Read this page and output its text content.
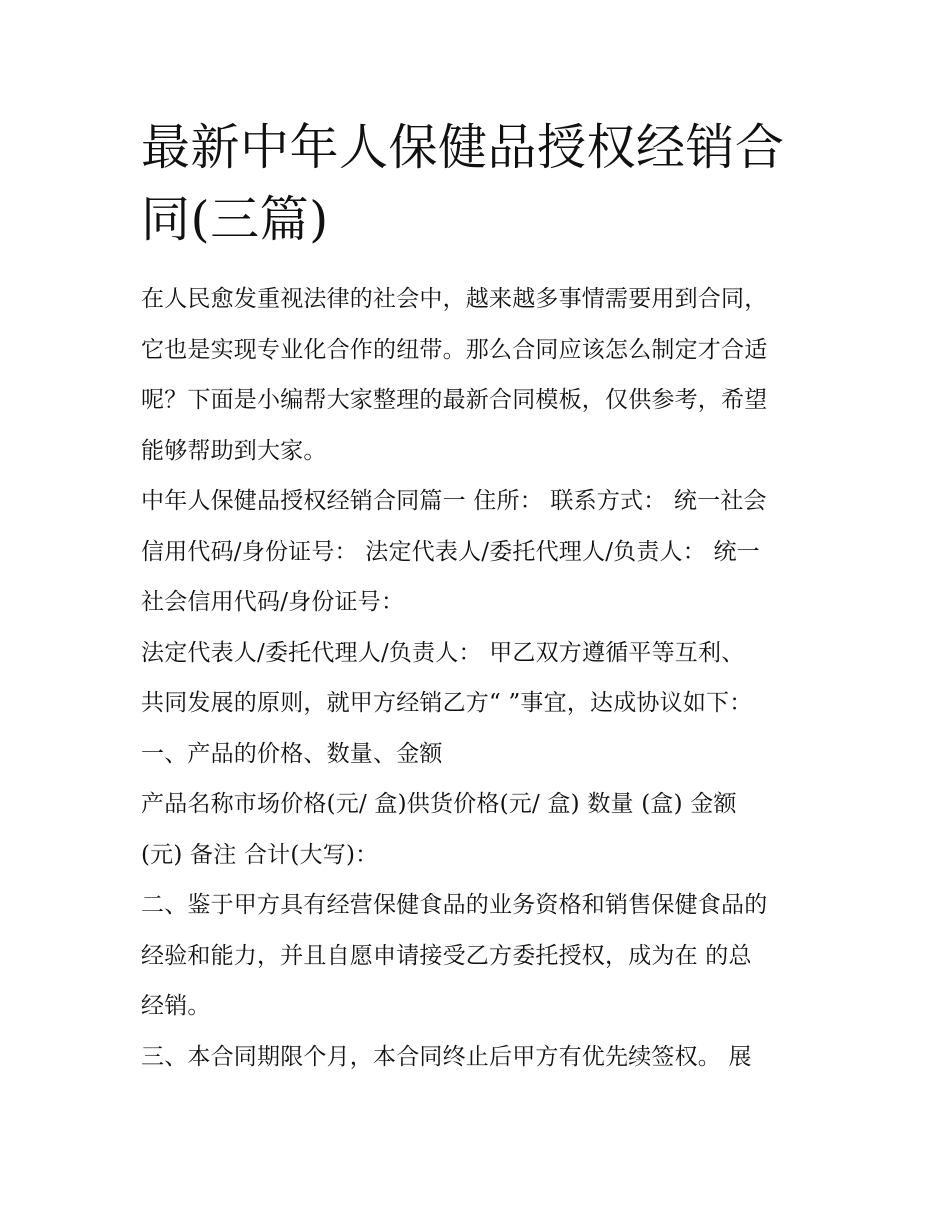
最新中年人保健品授权经销合
同(三篇)
在人民愈发重视法律的社会中，越来越多事情需要用到合同，
它也是实现专业化合作的纽带。那么合同应该怎么制定才合适
呢？下面是小编帮大家整理的最新合同模板，仅供参考，希望
能够帮助到大家。
中年人保健品授权经销合同篇一 住所： 联系方式： 统一社会
信用代码/身份证号： 法定代表人/委托代理人/负责人： 统一
社会信用代码/身份证号：
法定代表人/委托代理人/负责人： 甲乙双方遵循平等互利、
共同发展的原则，就甲方经销乙方“ ”事宜，达成协议如下：
一、产品的价格、数量、金额
产品名称市场价格(元/ 盒)供货价格(元/ 盒) 数量 (盒) 金额
(元) 备注 合计(大写)：
二、鉴于甲方具有经营保健食品的业务资格和销售保健食品的
经验和能力，并且自愿申请接受乙方委托授权，成为在 的总
经销。
三、本合同期限个月，本合同终止后甲方有优先续签权。 展
